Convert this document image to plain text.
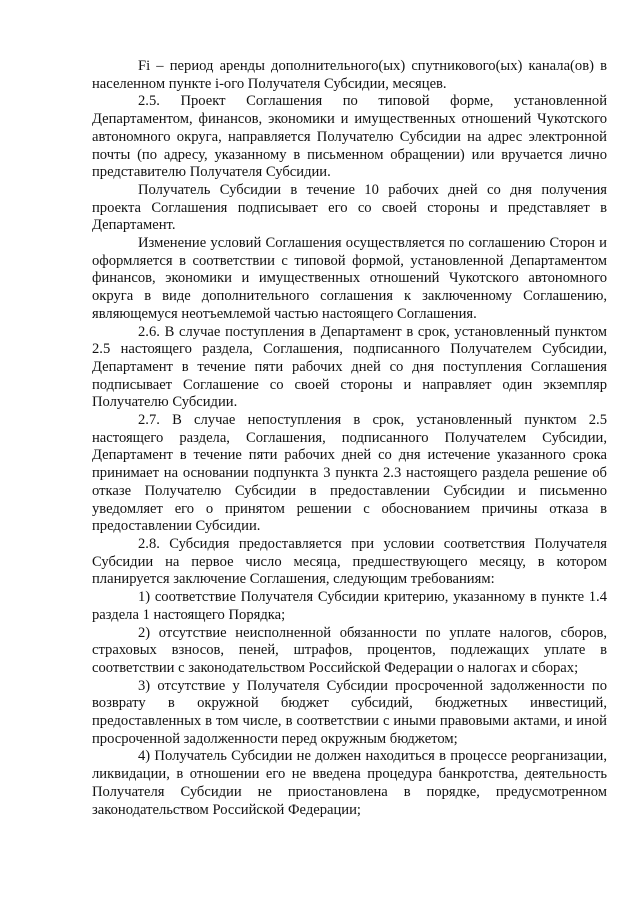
Fi – период аренды дополнительного(ых) спутникового(ых) канала(ов) в населенном пункте i-ого Получателя Субсидии, месяцев.

2.5. Проект Соглашения по типовой форме, установленной Департаментом, финансов, экономики и имущественных отношений Чукотского автономного округа, направляется Получателю Субсидии на адрес электронной почты (по адресу, указанному в письменном обращении) или вручается лично представителю Получателя Субсидии.

Получатель Субсидии в течение 10 рабочих дней со дня получения проекта Соглашения подписывает его со своей стороны и представляет в Департамент.

Изменение условий Соглашения осуществляется по соглашению Сторон и оформляется в соответствии с типовой формой, установленной Департаментом финансов, экономики и имущественных отношений Чукотского автономного округа в виде дополнительного соглашения к заключенному Соглашению, являющемуся неотъемлемой частью настоящего Соглашения.

2.6. В случае поступления в Департамент в срок, установленный пунктом 2.5 настоящего раздела, Соглашения, подписанного Получателем Субсидии, Департамент в течение пяти рабочих дней со дня поступления Соглашения подписывает Соглашение со своей стороны и направляет один экземпляр Получателю Субсидии.

2.7. В случае непоступления в срок, установленный пунктом 2.5 настоящего раздела, Соглашения, подписанного Получателем Субсидии, Департамент в течение пяти рабочих дней со дня истечение указанного срока принимает на основании подпункта 3 пункта 2.3 настоящего раздела решение об отказе Получателю Субсидии в предоставлении Субсидии и письменно уведомляет его о принятом решении с обоснованием причины отказа в предоставлении Субсидии.

2.8. Субсидия предоставляется при условии соответствия Получателя Субсидии на первое число месяца, предшествующего месяцу, в котором планируется заключение Соглашения, следующим требованиям:

1) соответствие Получателя Субсидии критерию, указанному в пункте 1.4 раздела 1 настоящего Порядка;

2) отсутствие неисполненной обязанности по уплате налогов, сборов, страховых взносов, пеней, штрафов, процентов, подлежащих уплате в соответствии с законодательством Российской Федерации о налогах и сборах;

3) отсутствие у Получателя Субсидии просроченной задолженности по возврату в окружной бюджет субсидий, бюджетных инвестиций, предоставленных в том числе, в соответствии с иными правовыми актами, и иной просроченной задолженности перед окружным бюджетом;

4) Получатель Субсидии не должен находиться в процессе реорганизации, ликвидации, в отношении его не введена процедура банкротства, деятельность Получателя Субсидии не приостановлена в порядке, предусмотренном законодательством Российской Федерации;
